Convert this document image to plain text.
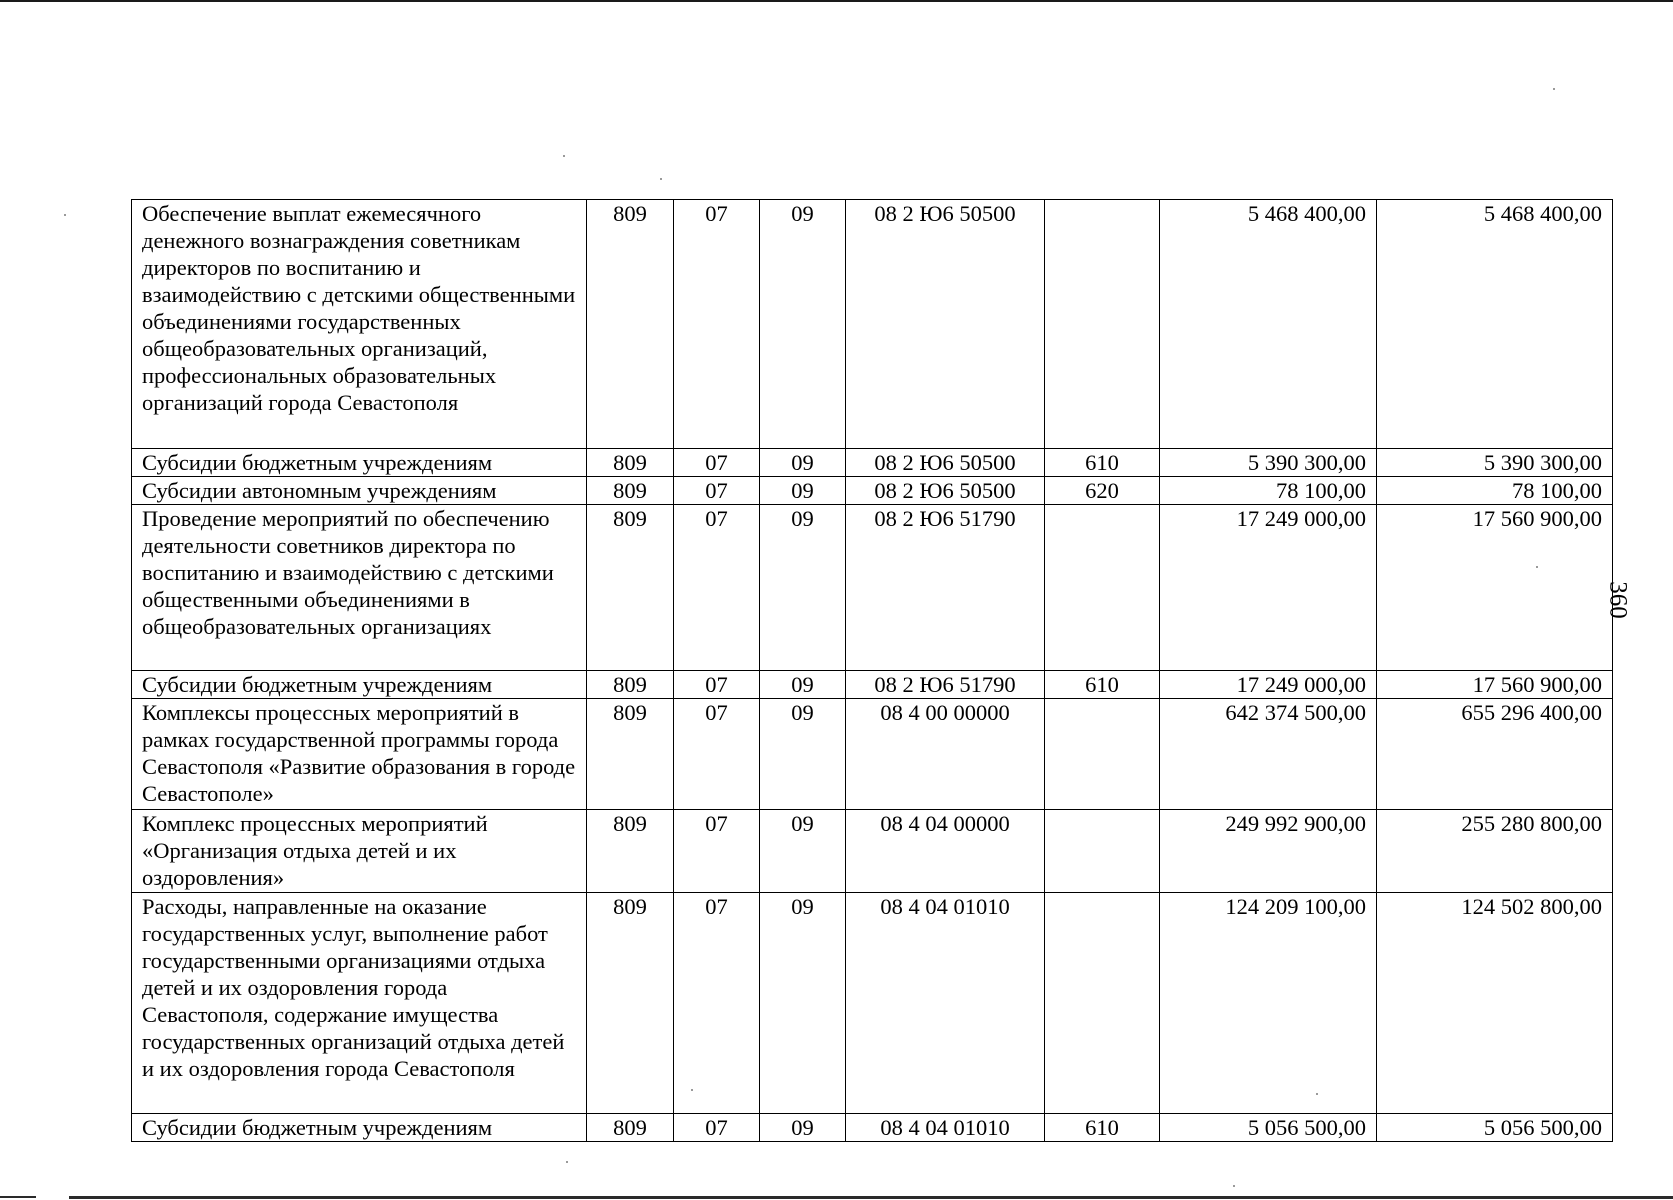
360
Обеспечение выплат ежемесячного денежного вознаграждения советникам директоров по воспитанию и взаимодействию с детскими общественными объединениями государственных общеобразовательных организаций, профессиональных образовательных организаций города Севастополя	809	07	09	08 2 Ю6 50500		5 468 400,00	5 468 400,00
Субсидии бюджетным учреждениям	809	07	09	08 2 Ю6 50500	610	5 390 300,00	5 390 300,00
Субсидии автономным учреждениям	809	07	09	08 2 Ю6 50500	620	78 100,00	78 100,00
Проведение мероприятий по обеспечению деятельности советников директора по воспитанию и взаимодействию с детскими общественными объединениями в общеобразовательных организациях	809	07	09	08 2 Ю6 51790		17 249 000,00	17 560 900,00
Субсидии бюджетным учреждениям	809	07	09	08 2 Ю6 51790	610	17 249 000,00	17 560 900,00
Комплексы процессных мероприятий в рамках государственной программы города Севастополя «Развитие образования в городе Севастополе»	809	07	09	08 4 00 00000		642 374 500,00	655 296 400,00
Комплекс процессных мероприятий «Организация отдыха детей и их оздоровления»	809	07	09	08 4 04 00000		249 992 900,00	255 280 800,00
Расходы, направленные на оказание государственных услуг, выполнение работ государственными организациями отдыха детей и их оздоровления города Севастополя, содержание имущества государственных организаций отдыха детей и их оздоровления города Севастополя	809	07	09	08 4 04 01010		124 209 100,00	124 502 800,00
Субсидии бюджетным учреждениям	809	07	09	08 4 04 01010	610	5 056 500,00	5 056 500,00
